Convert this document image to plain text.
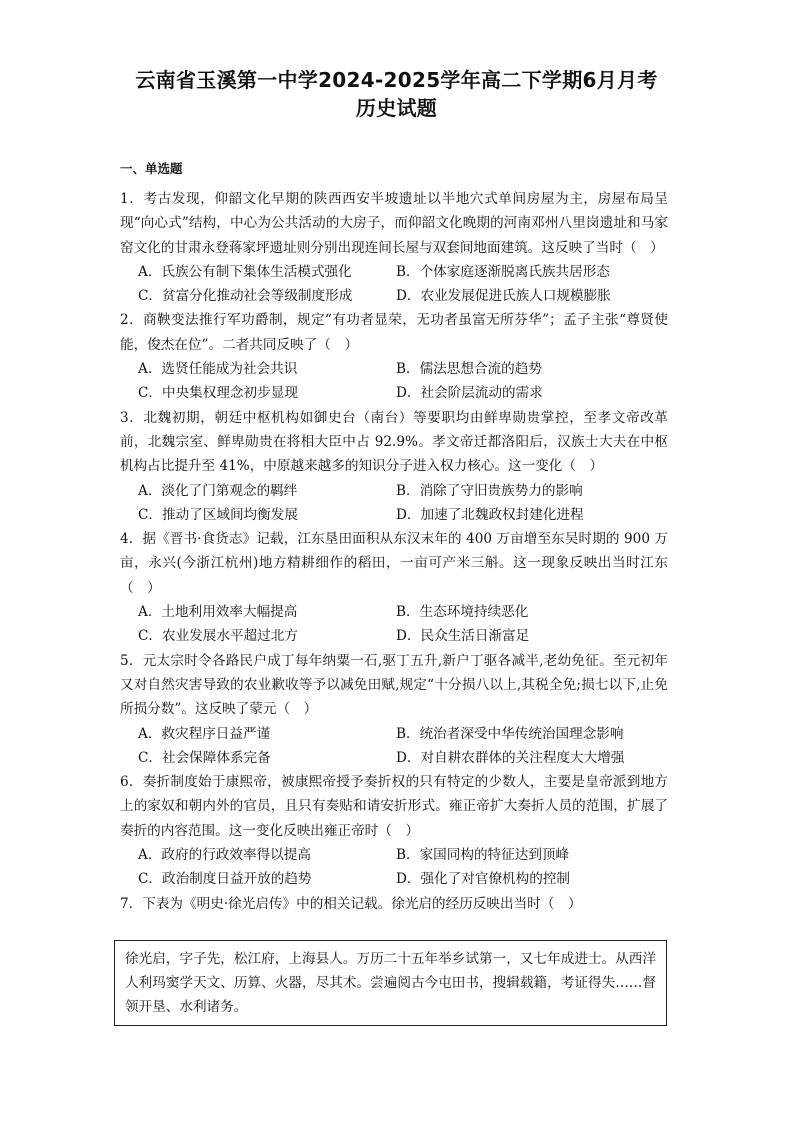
云南省玉溪第一中学2024-2025学年高二下学期6月月考
历史试题
一、单选题
1．考古发现，仰韶文化早期的陕西西安半坡遗址以半地穴式单间房屋为主，房屋布局呈现“向心式”结构，中心为公共活动的大房子，而仰韶文化晚期的河南邓州八里岗遗址和马家窑文化的甘肃永登蒋家坪遗址则分别出现连间长屋与双套间地面建筑。这反映了当时（　）
A．氏族公有制下集体生活模式强化	B．个体家庭逐渐脱离氏族共居形态
C．贫富分化推动社会等级制度形成	D．农业发展促进氏族人口规模膨胀
2．商鞅变法推行军功爵制，规定“有功者显荣，无功者虽富无所芬华”；孟子主张“尊贤使能，俊杰在位”。二者共同反映了（　）
A．选贤任能成为社会共识	B．儒法思想合流的趋势
C．中央集权理念初步显现	D．社会阶层流动的需求
3．北魏初期，朝廷中枢机构如御史台（南台）等要职均由鲜卑勋贵掌控，至孝文帝改革前，北魏宗室、鲜卑勋贵在将相大臣中占 92.9%。孝文帝迁都洛阳后，汉族士大夫在中枢机构占比提升至 41%，中原越来越多的知识分子进入权力核心。这一变化（　）
A．淡化了门第观念的羁绊	B．消除了守旧贵族势力的影响
C．推动了区域间均衡发展	D．加速了北魏政权封建化进程
4．据《晋书·食货志》记载，江东垦田面积从东汉末年的 400 万亩增至东吴时期的 900 万亩，永兴(今浙江杭州)地方精耕细作的稻田，一亩可产米三斛。这一现象反映出当时江东（　）
A．土地利用效率大幅提高	B．生态环境持续恶化
C．农业发展水平超过北方	D．民众生活日渐富足
5．元太宗时令各路民户成丁每年纳粟一石,驱丁五升,新户丁驱各减半,老幼免征。至元初年又对自然灾害导致的农业歉收等予以减免田赋,规定“十分损八以上,其税全免;损七以下,止免所损分数”。这反映了蒙元（　）
A．救灾程序日益严谨	B．统治者深受中华传统治国理念影响
C．社会保障体系完备	D．对自耕农群体的关注程度大大增强
6．奏折制度始于康熙帝，被康熙帝授予奏折权的只有特定的少数人，主要是皇帝派到地方上的家奴和朝内外的官员，且只有奏贴和请安折形式。雍正帝扩大奏折人员的范围，扩展了奏折的内容范围。这一变化反映出雍正帝时（　）
A．政府的行政效率得以提高	B．家国同构的特征达到顶峰
C．政治制度日益开放的趋势	D．强化了对官僚机构的控制
7．下表为《明史·徐光启传》中的相关记载。徐光启的经历反映出当时（　）
徐光启，字子先，松江府，上海县人。万历二十五年举乡试第一，又七年成进士。从西洋人利玛窦学天文、历算、火器，尽其术。尝遍阅古今屯田书，搜辑载籍，考证得失……督领开垦、水利诸务。
